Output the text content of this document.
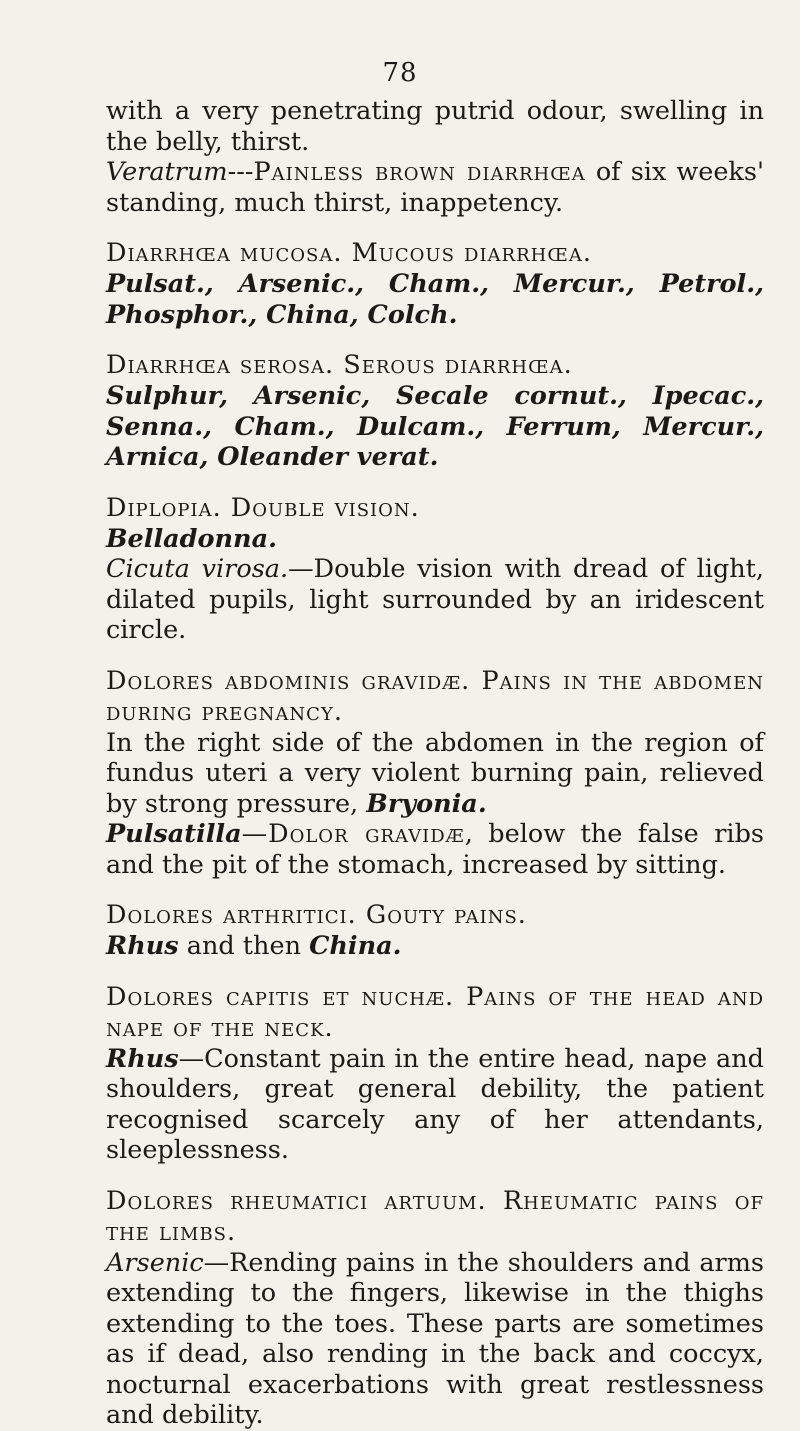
78

with a very penetrating putrid odour, swelling in the belly, thirst.
Veratrum---Painless brown diarrhœa of six weeks' standing, much thirst, inappetency.

Diarrhœa mucosa. Mucous diarrhœa.

Pulsat., Arsenic., Cham., Mercur., Petrol., Phosphor., China, Colch.

Diarrhœa serosa. Serous diarrhœa.

Sulphur, Arsenic, Secale cornut., Ipecac., Senna., Cham., Dulcam., Ferrum, Mercur., Arnica, Oleander verat.

Diplopia. Double vision.

Belladonna.

Cicuta virosa.—Double vision with dread of light, dilated pupils, light surrounded by an iridescent circle.

Dolores abdominis gravidæ. Pains in the abdomen during pregnancy.

In the right side of the abdomen in the region of fundus uteri a very violent burning pain, relieved by strong pressure, Bryonia.

Pulsatilla—Dolor gravidæ, below the false ribs and the pit of the stomach, increased by sitting.

Dolores arthritici. Gouty pains.

Rhus and then China.

Dolores capitis et nuchæ. Pains of the head and nape of the neck.

Rhus—Constant pain in the entire head, nape and shoulders, great general debility, the patient recognised scarcely any of her attendants, sleeplessness.

Dolores rheumatici artuum. Rheumatic pains of the limbs.

Arsenic—Rending pains in the shoulders and arms extending to the fingers, likewise in the thighs extending to the toes. These parts are sometimes as if dead, also rending in the back and coccyx, nocturnal exacerbations with great restlessness and debility.
